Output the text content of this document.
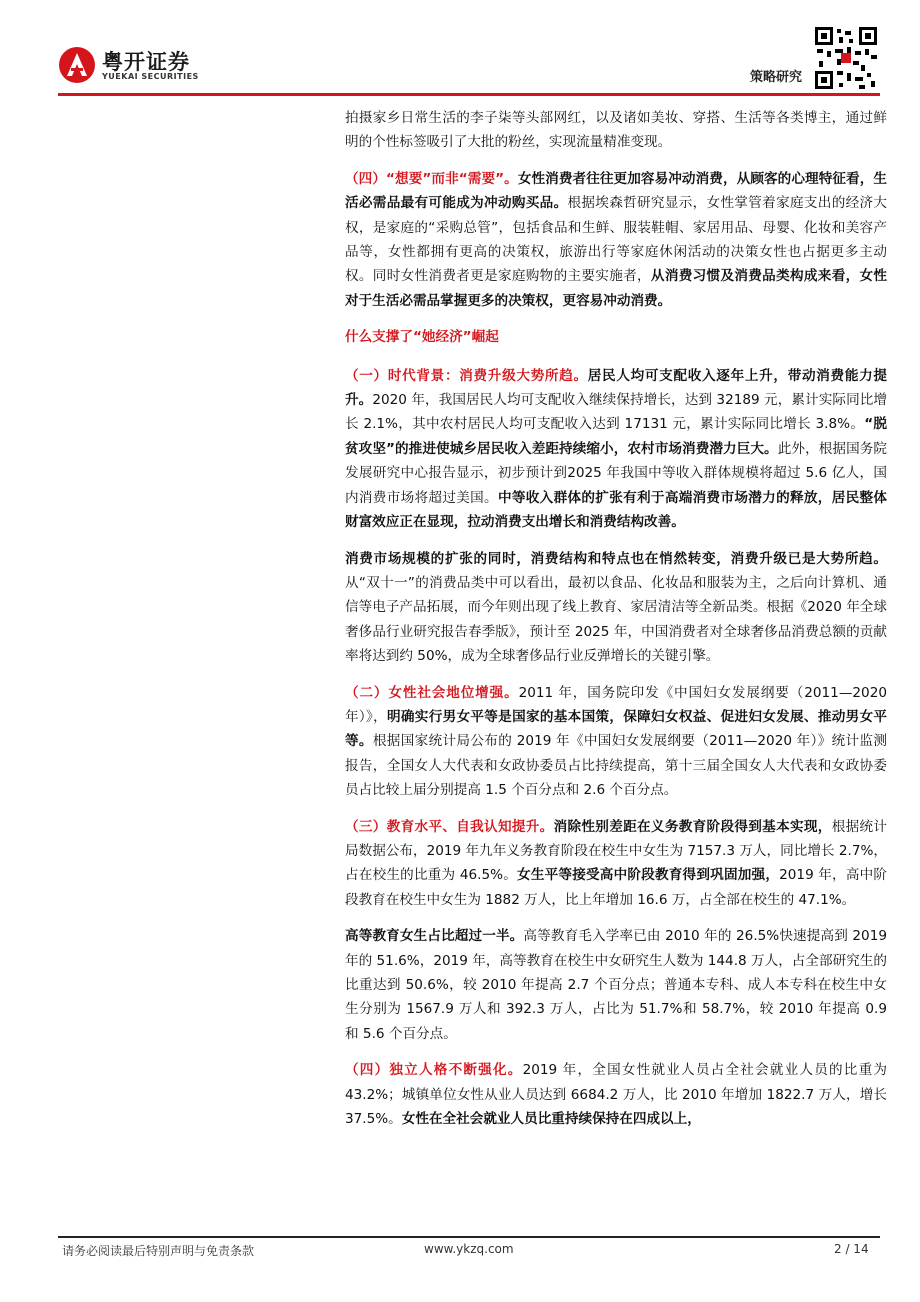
粤开证券
YUEKAI SECURITIES	策略研究

拍摄家乡日常生活的李子柒等头部网红，以及诸如美妆、穿搭、生活等各类博主，通过鲜明的个性标签吸引了大批的粉丝，实现流量精准变现。

（四）“想要”而非“需要”。女性消费者往往更加容易冲动消费，从顾客的心理特征看，生活必需品最有可能成为冲动购买品。根据埃森哲研究显示，女性掌管着家庭支出的经济大权，是家庭的“采购总管”，包括食品和生鲜、服装鞋帽、家居用品、母婴、化妆和美容产品等，女性都拥有更高的决策权，旅游出行等家庭休闲活动的决策女性也占据更多主动权。同时女性消费者更是家庭购物的主要实施者，从消费习惯及消费品类构成来看，女性对于生活必需品掌握更多的决策权，更容易冲动消费。

什么支撑了“她经济”崛起

（一）时代背景：消费升级大势所趋。居民人均可支配收入逐年上升，带动消费能力提升。2020 年，我国居民人均可支配收入继续保持增长，达到 32189 元，累计实际同比增长 2.1%，其中农村居民人均可支配收入达到 17131 元，累计实际同比增长 3.8%。“脱贫攻坚”的推进使城乡居民收入差距持续缩小，农村市场消费潜力巨大。此外，根据国务院发展研究中心报告显示，初步预计到2025 年我国中等收入群体规模将超过 5.6 亿人，国内消费市场将超过美国。中等收入群体的扩张有利于高端消费市场潜力的释放，居民整体财富效应正在显现，拉动消费支出增长和消费结构改善。

消费市场规模的扩张的同时，消费结构和特点也在悄然转变，消费升级已是大势所趋。从“双十一”的消费品类中可以看出，最初以食品、化妆品和服装为主，之后向计算机、通信等电子产品拓展，而今年则出现了线上教育、家居清洁等全新品类。根据《2020 年全球奢侈品行业研究报告春季版》，预计至 2025 年，中国消费者对全球奢侈品消费总额的贡献率将达到约 50%，成为全球奢侈品行业反弹增长的关键引擎。

（二）女性社会地位增强。2011 年，国务院印发《中国妇女发展纲要（2011—2020 年）》，明确实行男女平等是国家的基本国策，保障妇女权益、促进妇女发展、推动男女平等。根据国家统计局公布的 2019 年《中国妇女发展纲要（2011—2020 年）》统计监测报告，全国女人大代表和女政协委员占比持续提高，第十三届全国女人大代表和女政协委员占比较上届分别提高 1.5 个百分点和 2.6 个百分点。

（三）教育水平、自我认知提升。消除性别差距在义务教育阶段得到基本实现，根据统计局数据公布，2019 年九年义务教育阶段在校生中女生为 7157.3 万人，同比增长 2.7%，占在校生的比重为 46.5%。女生平等接受高中阶段教育得到巩固加强，2019 年，高中阶段教育在校生中女生为 1882 万人，比上年增加 16.6 万，占全部在校生的 47.1%。

高等教育女生占比超过一半。高等教育毛入学率已由 2010 年的 26.5%快速提高到 2019 年的 51.6%，2019 年，高等教育在校生中女研究生人数为 144.8 万人，占全部研究生的比重达到 50.6%，较 2010 年提高 2.7 个百分点；普通本专科、成人本专科在校生中女生分别为 1567.9 万人和 392.3 万人，占比为 51.7%和 58.7%，较 2010 年提高 0.9 和 5.6 个百分点。

（四）独立人格不断强化。2019 年，全国女性就业人员占全社会就业人员的比重为 43.2%；城镇单位女性从业人员达到 6684.2 万人，比 2010 年增加 1822.7 万人，增长 37.5%。女性在全社会就业人员比重持续保持在四成以上，

请务必阅读最后特别声明与免责条款	www.ykzq.com	2 / 14
